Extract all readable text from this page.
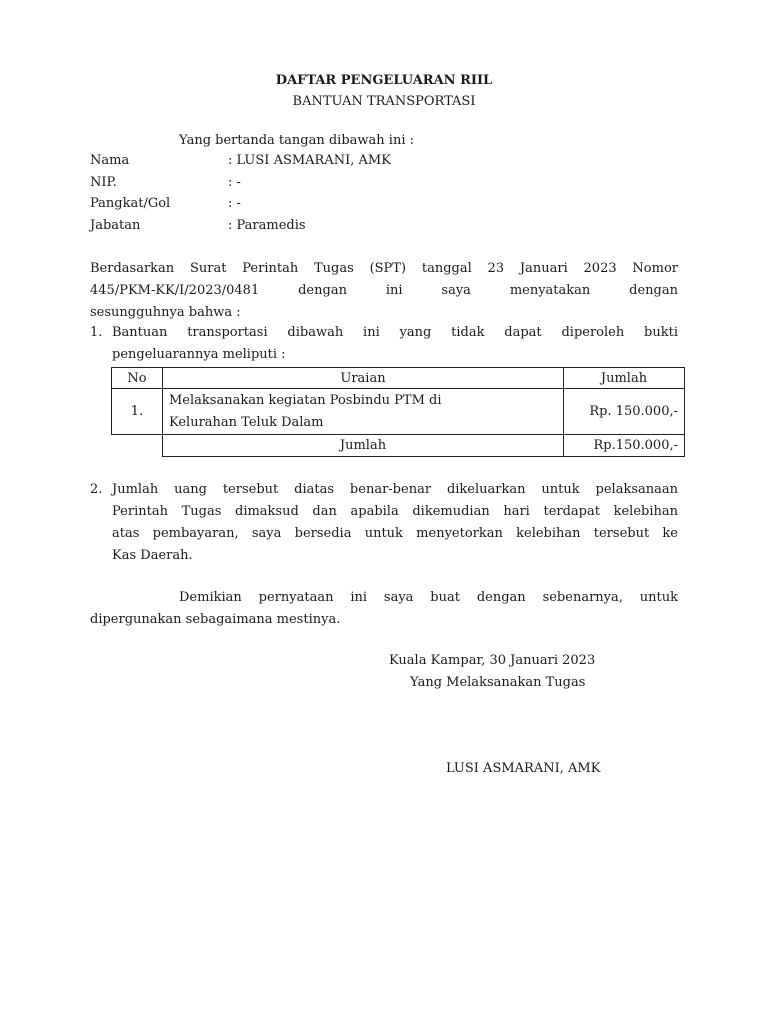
DAFTAR PENGELUARAN RIIL
BANTUAN TRANSPORTASI
Yang bertanda tangan dibawah ini :
Nama	: LUSI ASMARANI, AMK
NIP.	: -
Pangkat/Gol	: -
Jabatan	: Paramedis
Berdasarkan Surat Perintah Tugas (SPT) tanggal 23 Januari 2023 Nomor
445/PKM-KK/I/2023/0481 dengan ini saya menyatakan dengan
sesungguhnya bahwa :
1. Bantuan transportasi dibawah ini yang tidak dapat diperoleh bukti
pengeluarannya meliputi :
No	Uraian	Jumlah
1.	Melaksanakan kegiatan Posbindu PTM di
Kelurahan Teluk Dalam	Rp. 150.000,-
	Jumlah	Rp.150.000,-
2. Jumlah uang tersebut diatas benar-benar dikeluarkan untuk pelaksanaan
Perintah Tugas dimaksud dan apabila dikemudian hari terdapat kelebihan
atas pembayaran, saya bersedia untuk menyetorkan kelebihan tersebut ke
Kas Daerah.
Demikian pernyataan ini saya buat dengan sebenarnya, untuk
dipergunakan sebagaimana mestinya.
Kuala Kampar, 30 Januari 2023
Yang Melaksanakan Tugas
LUSI ASMARANI, AMK
